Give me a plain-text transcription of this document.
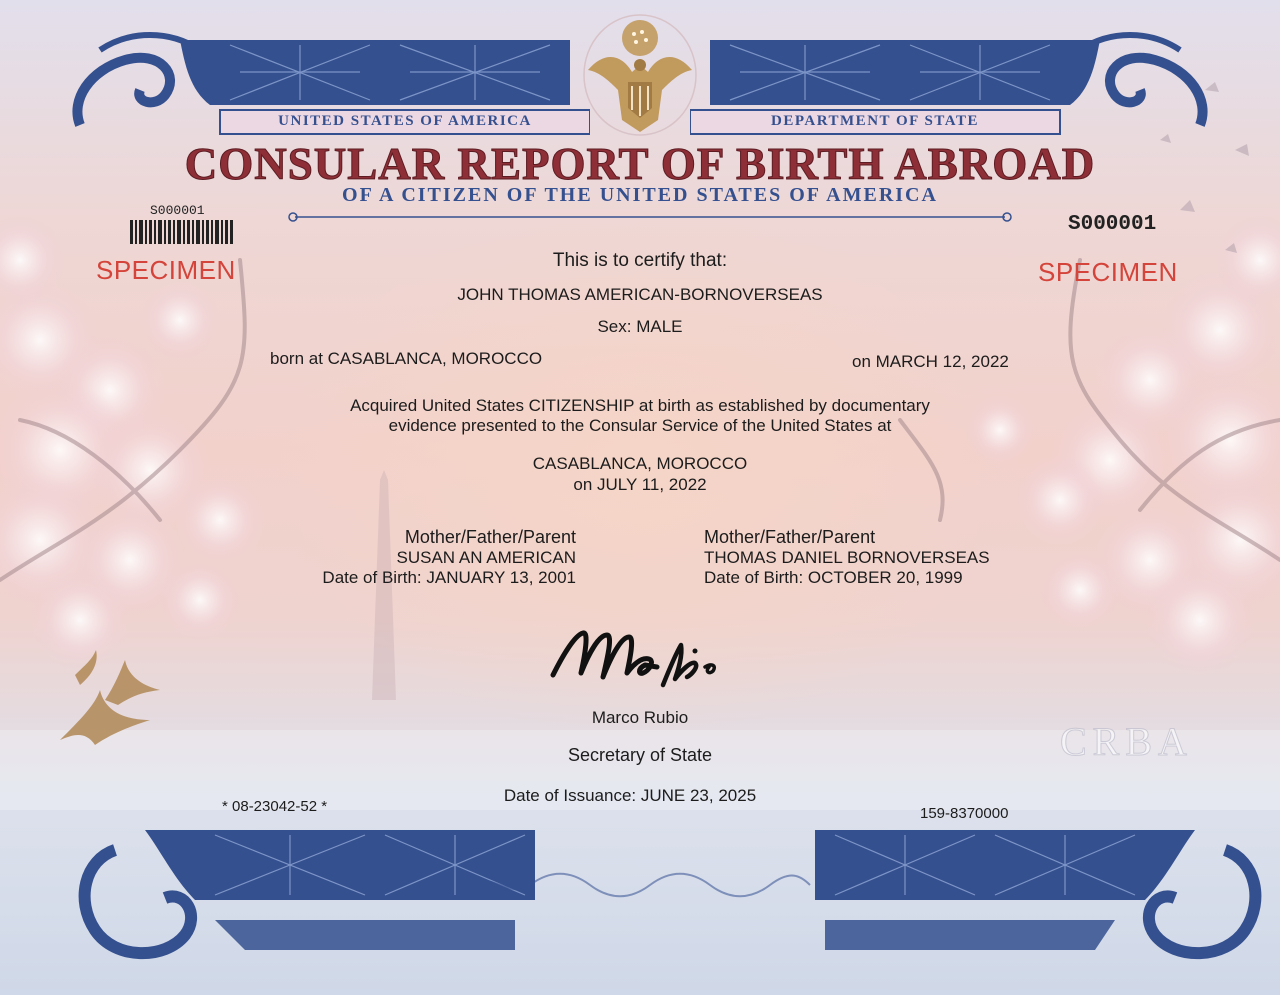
UNITED STATES OF AMERICA	DEPARTMENT OF STATE
CONSULAR REPORT OF BIRTH ABROAD
OF A CITIZEN OF THE UNITED STATES OF AMERICA
S000001
SPECIMEN
S000001
SPECIMEN
This is to certify that:
JOHN THOMAS AMERICAN-BORNOVERSEAS
Sex: MALE
born at CASABLANCA, MOROCCO	on MARCH 12, 2022
Acquired United States CITIZENSHIP at birth as established by documentary
evidence presented to the Consular Service of the United States at
CASABLANCA, MOROCCO
on JULY 11, 2022
Mother/Father/Parent
SUSAN AN AMERICAN
Date of Birth: JANUARY 13, 2001
Mother/Father/Parent
THOMAS DANIEL BORNOVERSEAS
Date of Birth: OCTOBER 20, 1999
Marco Rubio
Secretary of State
Date of Issuance: JUNE 23, 2025
* 08-23042-52 *	159-8370000
CRBA
